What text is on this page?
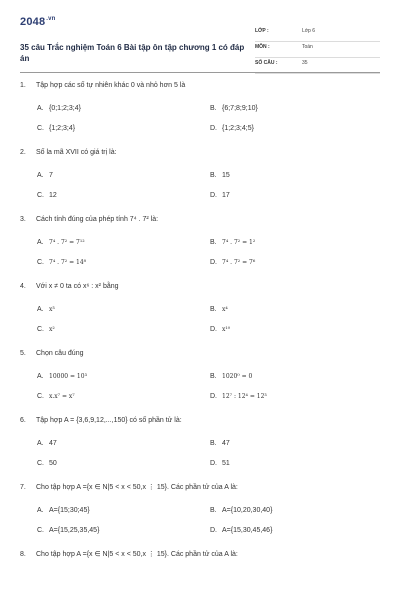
$2048^{.vn}$
35 câu Trắc nghiệm Toán 6 Bài tập ôn tập chương 1 có đáp án
LỚP :	Lớp 6
MÔN :	Toán
SỐ CÂU :	35
1. Tập hợp các số tự nhiên khác 0 và nhỏ hơn 5 là
A. {0;1;2;3;4}	B. {6;7;8;9;10}
C. {1;2;3;4}	D. {1;2;3;4;5}
2. Số la mã XVII có giá trị là:
A. 7	B. 15
C. 12	D. 17
3. Cách tính đúng của phép tính 7⁴ . 7² là:
A. 7⁴ . 7² = 7¹²	B. 7⁴ . 7² = 1²
C. 7⁴ . 7² = 14⁸	D. 7⁴ . 7² = 7⁶
4. Với x ≠ 0 ta có x⁶ : x² bằng
A. x³	B. x⁴
C. x²	D. x¹⁰
5. Chọn câu đúng
A. 10000 = 10³	B. 1020⁰ = 0
C. x.x⁷ = x⁷	D. 12⁷ : 12⁴ = 12³
6. Tập hợp A = {3,6,9,12,...,150} có số phần tử là:
A. 47	B. 47
C. 50	D. 51
7. Cho tập hợp A ={x ∈ N|5 < x < 50,x ⋮ 15}. Các phần tử của A là:
A. A={15;30;45}	B. A={10,20,30,40}
C. A={15,25,35,45}	D. A={15,30,45,46}
8. Cho tập hợp A ={x ∈ N|5 < x < 50,x ⋮ 15}. Các phần tử của A là:
